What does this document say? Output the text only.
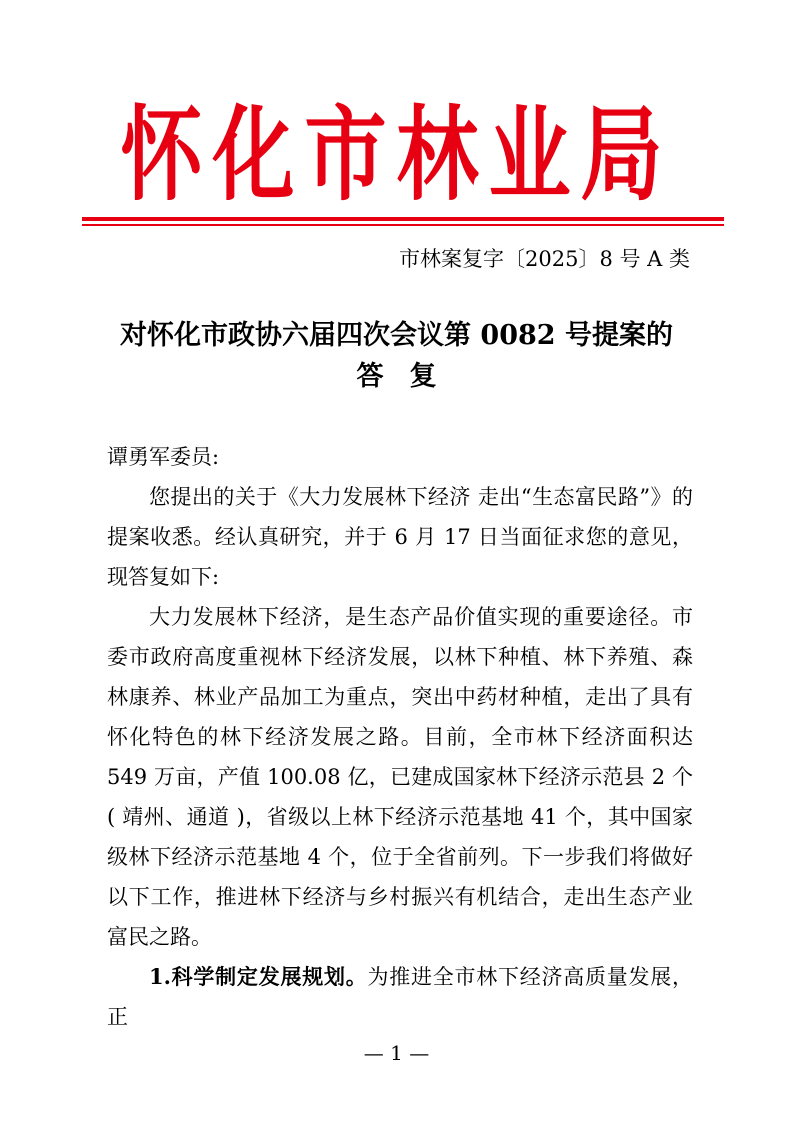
怀化市林业局
市林案复字〔2025〕8 号 A 类
对怀化市政协六届四次会议第 0082 号提案的
答复

谭勇军委员:

您提出的关于《大力发展林下经济 走出“生态富民路”》的提案收悉。经认真研究，并于 6 月 17 日当面征求您的意见，现答复如下:

大力发展林下经济，是生态产品价值实现的重要途径。市委市政府高度重视林下经济发展，以林下种植、林下养殖、森林康养、林业产品加工为重点，突出中药材种植，走出了具有怀化特色的林下经济发展之路。目前，全市林下经济面积达 549 万亩，产值 100.08 亿，已建成国家林下经济示范县 2 个 ( 靖州、通道 )，省级以上林下经济示范基地 41 个，其中国家级林下经济示范基地 4 个，位于全省前列。下一步我们将做好以下工作，推进林下经济与乡村振兴有机结合，走出生态产业富民之路。

1.科学制定发展规划。为推进全市林下经济高质量发展，正

— 1 —
